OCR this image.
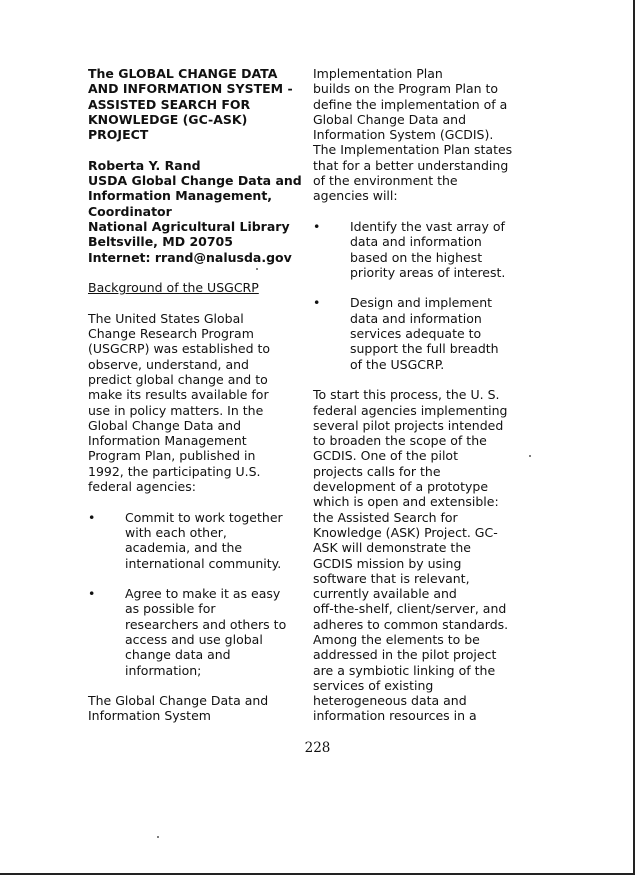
The GLOBAL CHANGE DATA
AND INFORMATION SYSTEM -
ASSISTED SEARCH FOR
KNOWLEDGE (GC-ASK)
PROJECT
Roberta Y. Rand
USDA Global Change Data and
Information Management,
Coordinator
National Agricultural Library
Beltsville, MD 20705
Internet: rrand@nalusda.gov
Background of the USGCRP
The United States Global
Change Research Program
(USGCRP) was established to
observe, understand, and
predict global change and to
make its results available for
use in policy matters. In the
Global Change Data and
Information Management
Program Plan, published in
1992, the participating U.S.
federal agencies:
• Commit to work together
with each other,
academia, and the
international community.
• Agree to make it as easy
as possible for
researchers and others to
access and use global
change data and
information;
The Global Change Data and
Information System
Implementation Plan
builds on the Program Plan to
define the implementation of a
Global Change Data and
Information System (GCDIS).
The Implementation Plan states
that for a better understanding
of the environment the
agencies will:
• Identify the vast array of
data and information
based on the highest
priority areas of interest.
• Design and implement
data and information
services adequate to
support the full breadth
of the USGCRP.
To start this process, the U. S.
federal agencies implementing
several pilot projects intended
to broaden the scope of the
GCDIS. One of the pilot
projects calls for the
development of a prototype
which is open and extensible:
the Assisted Search for
Knowledge (ASK) Project. GC-
ASK will demonstrate the
GCDIS mission by using
software that is relevant,
currently available and
off-the-shelf, client/server, and
adheres to common standards.
Among the elements to be
addressed in the pilot project
are a symbiotic linking of the
services of existing
heterogeneous data and
information resources in a
228
